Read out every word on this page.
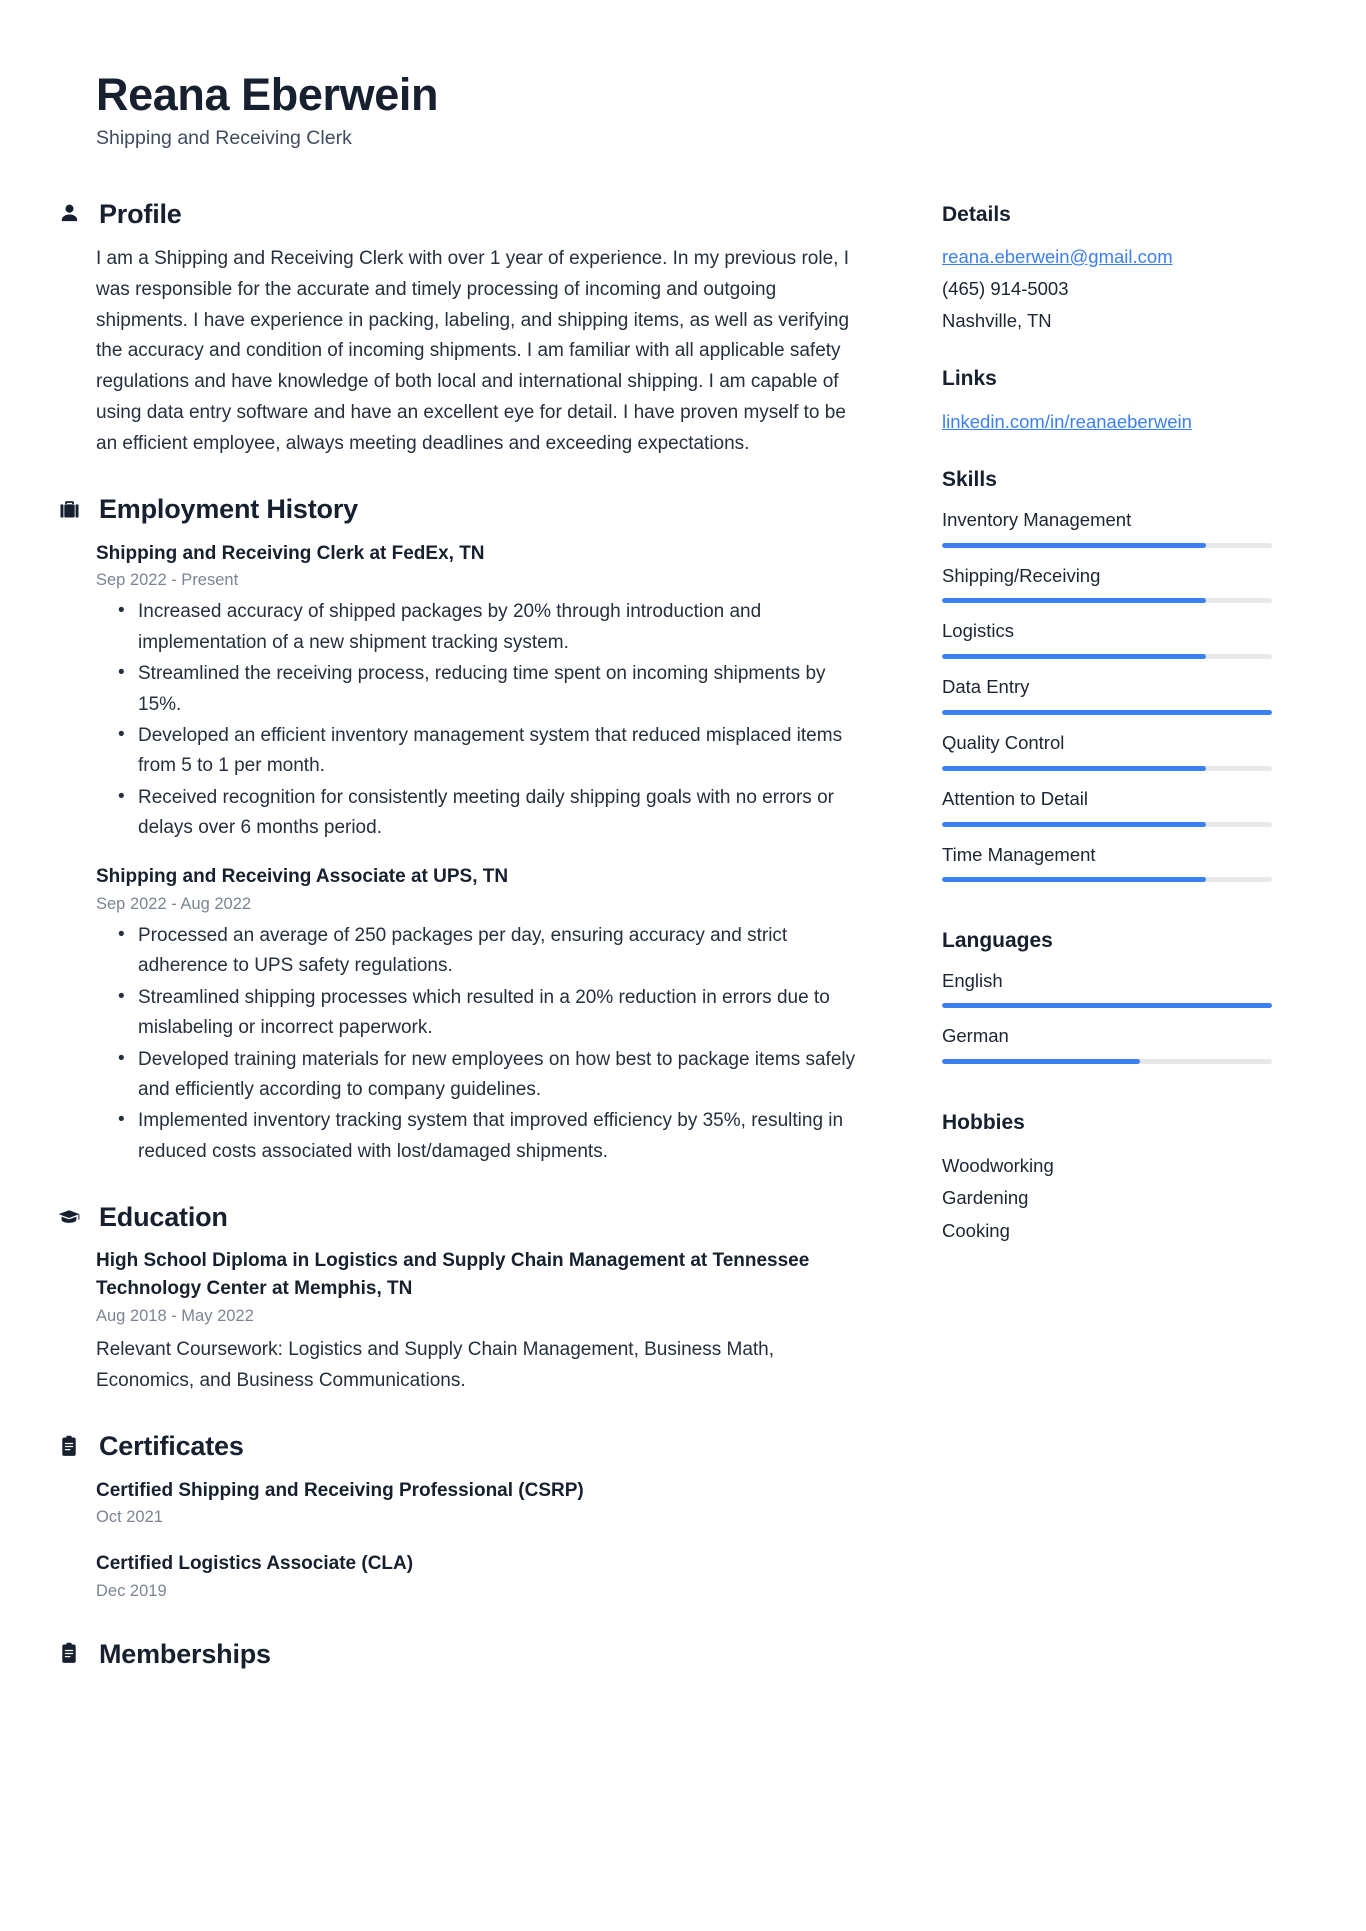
Reana Eberwein

Shipping and Receiving Clerk

Profile

I am a Shipping and Receiving Clerk with over 1 year of experience. In my previous role, I was responsible for the accurate and timely processing of incoming and outgoing shipments. I have experience in packing, labeling, and shipping items, as well as verifying the accuracy and condition of incoming shipments. I am familiar with all applicable safety regulations and have knowledge of both local and international shipping. I am capable of using data entry software and have an excellent eye for detail. I have proven myself to be an efficient employee, always meeting deadlines and exceeding expectations.

Employment History
Shipping and Receiving Clerk at FedEx, TN
Sep 2022 - Present
• Increased accuracy of shipped packages by 20% through introduction and implementation of a new shipment tracking system.
• Streamlined the receiving process, reducing time spent on incoming shipments by 15%.
• Developed an efficient inventory management system that reduced misplaced items from 5 to 1 per month.
• Received recognition for consistently meeting daily shipping goals with no errors or delays over 6 months period.
Shipping and Receiving Associate at UPS, TN
Sep 2022 - Aug 2022
• Processed an average of 250 packages per day, ensuring accuracy and strict adherence to UPS safety regulations.
• Streamlined shipping processes which resulted in a 20% reduction in errors due to mislabeling or incorrect paperwork.
• Developed training materials for new employees on how best to package items safely and efficiently according to company guidelines.
• Implemented inventory tracking system that improved efficiency by 35%, resulting in reduced costs associated with lost/damaged shipments.
Education
High School Diploma in Logistics and Supply Chain Management at Tennessee Technology Center at Memphis, TN
Aug 2018 - May 2022

Relevant Coursework: Logistics and Supply Chain Management, Business Math, Economics, and Business Communications.

Certificates
Certified Shipping and Receiving Professional (CSRP)
Oct 2021
Certified Logistics Associate (CLA)
Dec 2019
Memberships
Details
reana.eberwein@gmail.com
(465) 914-5003
Nashville, TN
Links
linkedin.com/in/reanaeberwein
Skills
Inventory Management
Shipping/Receiving
Logistics
Data Entry
Quality Control
Attention to Detail
Time Management
Languages
English
German
Hobbies
Woodworking
Gardening
Cooking
